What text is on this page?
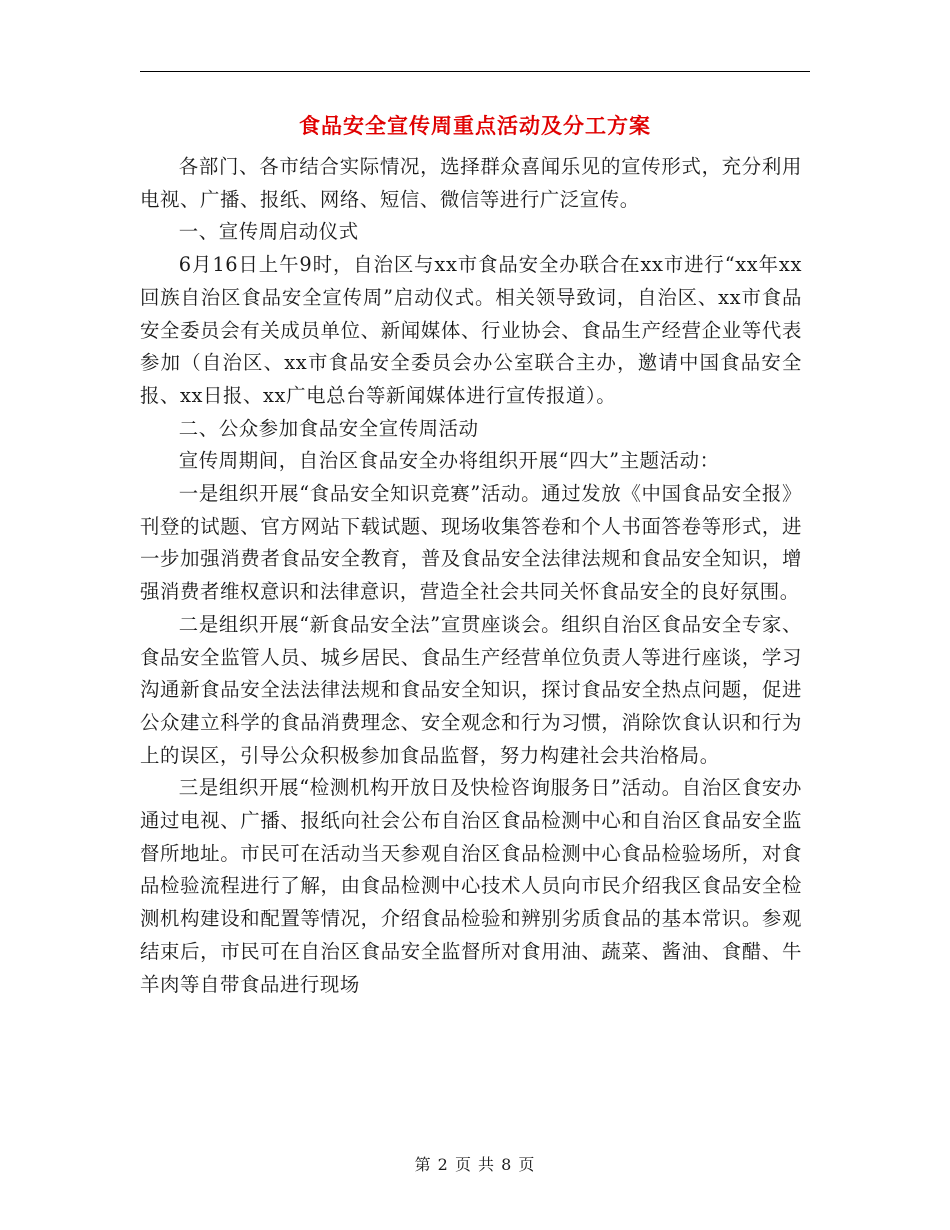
食品安全宣传周重点活动及分工方案

各部门、各市结合实际情况，选择群众喜闻乐见的宣传形式，充分利用电视、广播、报纸、网络、短信、微信等进行广泛宣传。

一、宣传周启动仪式

6月16日上午9时，自治区与xx市食品安全办联合在xx市进行“xx年xx回族自治区食品安全宣传周”启动仪式。相关领导致词，自治区、xx市食品安全委员会有关成员单位、新闻媒体、行业协会、食品生产经营企业等代表参加（自治区、xx市食品安全委员会办公室联合主办，邀请中国食品安全报、xx日报、xx广电总台等新闻媒体进行宣传报道）。

二、公众参加食品安全宣传周活动

宣传周期间，自治区食品安全办将组织开展“四大”主题活动：

一是组织开展“食品安全知识竞赛”活动。通过发放《中国食品安全报》刊登的试题、官方网站下载试题、现场收集答卷和个人书面答卷等形式，进一步加强消费者食品安全教育，普及食品安全法律法规和食品安全知识，增强消费者维权意识和法律意识，营造全社会共同关怀食品安全的良好氛围。

二是组织开展“新食品安全法”宣贯座谈会。组织自治区食品安全专家、食品安全监管人员、城乡居民、食品生产经营单位负责人等进行座谈，学习沟通新食品安全法法律法规和食品安全知识，探讨食品安全热点问题，促进公众建立科学的食品消费理念、安全观念和行为习惯，消除饮食认识和行为上的误区，引导公众积极参加食品监督，努力构建社会共治格局。

三是组织开展“检测机构开放日及快检咨询服务日”活动。自治区食安办通过电视、广播、报纸向社会公布自治区食品检测中心和自治区食品安全监督所地址。市民可在活动当天参观自治区食品检测中心食品检验场所，对食品检验流程进行了解，由食品检测中心技术人员向市民介绍我区食品安全检测机构建设和配置等情况，介绍食品检验和辨别劣质食品的基本常识。参观结束后，市民可在自治区食品安全监督所对食用油、蔬菜、酱油、食醋、牛羊肉等自带食品进行现场

第 2 页 共 8 页
